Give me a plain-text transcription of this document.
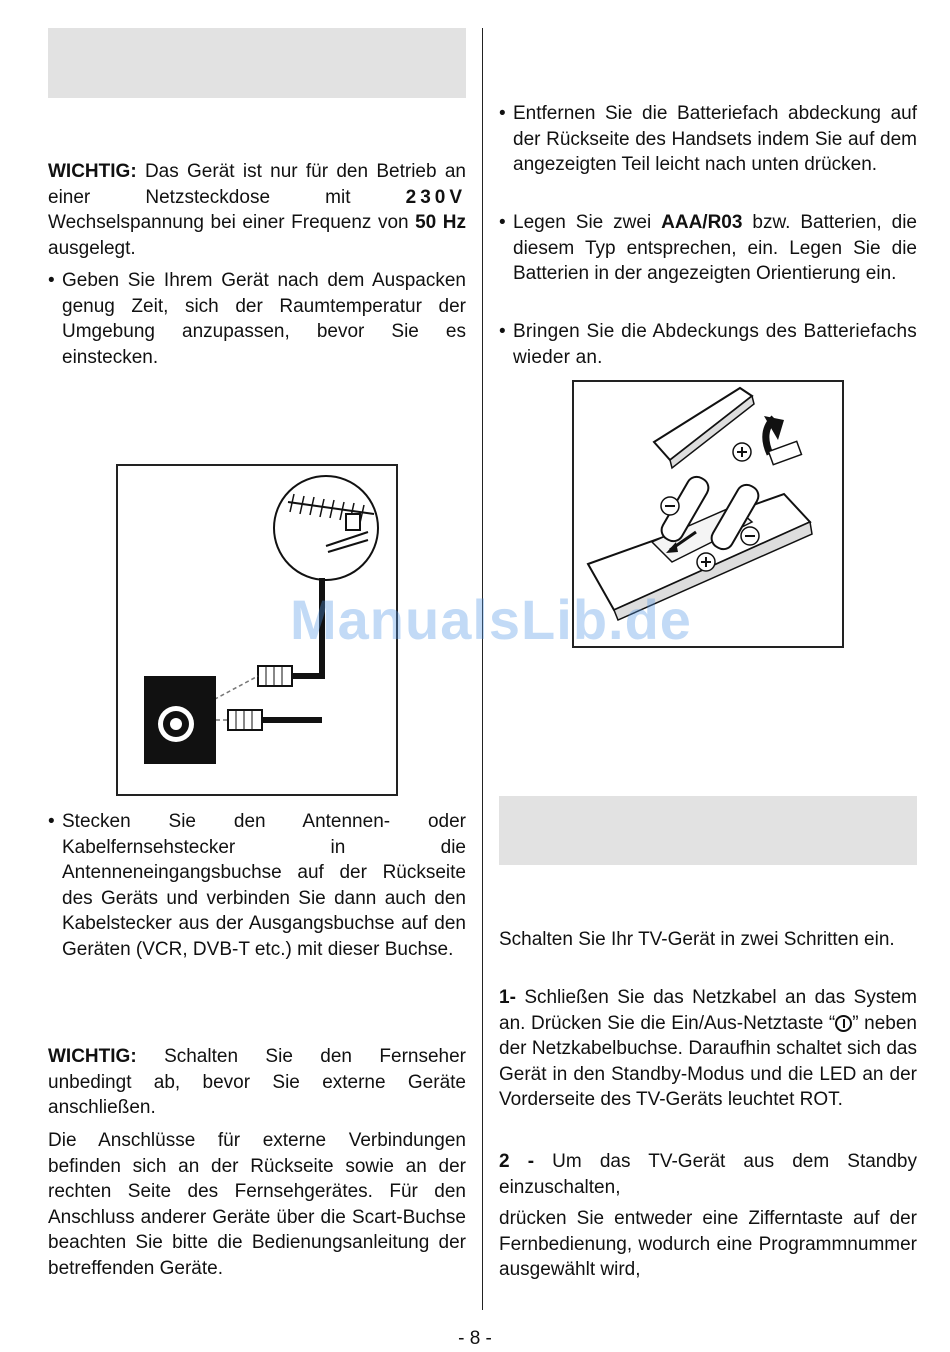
WICHTIG: Das Gerät ist nur für den Betrieb an einer Netzsteckdose mit 230V Wechselspannung bei einer Frequenz von 50 Hz ausgelegt.

• Geben Sie Ihrem Gerät nach dem Auspacken genug Zeit, sich der Raumtemperatur der Umgebung anzupassen, bevor Sie es einstecken.

• Stecken Sie den Antennen- oder Kabelfernsehstecker in die Antenneneingangsbuchse auf der Rückseite des Geräts und verbinden Sie dann auch den Kabelstecker aus der Ausgangsbuchse auf den Geräten (VCR, DVB-T etc.) mit dieser Buchse.

WICHTIG: Schalten Sie den Fernseher unbedingt ab, bevor Sie externe Geräte anschließen.

Die Anschlüsse für externe Verbindungen befinden sich an der Rückseite sowie an der rechten Seite des Fernsehgerätes. Für den Anschluss anderer Geräte über die Scart-Buchse beachten Sie bitte die Bedienungsanleitung der betreffenden Geräte.

• Entfernen Sie die Batteriefach abdeckung auf der Rückseite des Handsets indem Sie auf dem angezeigten Teil leicht nach unten drücken.

• Legen Sie zwei AAA/R03 bzw. Batterien, die diesem Typ entsprechen, ein. Legen Sie die Batterien in der angezeigten Orientierung ein.

• Bringen Sie die Abdeckungs des Batteriefachs wieder an.

Schalten Sie Ihr TV-Gerät in zwei Schritten ein.

1- Schließen Sie das Netzkabel an das System an. Drücken Sie die Ein/Aus-Netztaste “ ” neben der Netzkabelbuchse. Daraufhin schaltet sich das Gerät in den Standby-Modus und die LED an der Vorderseite des TV-Geräts leuchtet ROT.

2 - Um das TV-Gerät aus dem Standby einzuschalten,

drücken Sie entweder eine Zifferntaste auf der Fernbedienung, wodurch eine Programmnummer ausgewählt wird,

ManualsLib.de
- 8 -
